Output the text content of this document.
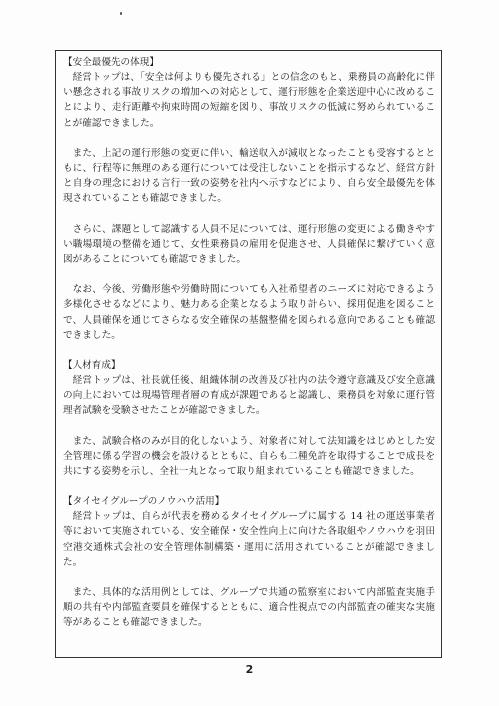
【安全最優先の体現】

経営トップは、「安全は何よりも優先される」との信念のもと、乗務員の高齢化に伴い懸念される事故リスクの増加への対応として、運行形態を企業送迎中心に改めることにより、走行距離や拘束時間の短縮を図り、事故リスクの低減に努められていることが確認できました。

また、上記の運行形態の変更に伴い、輸送収入が減収となったことも受容するとともに、行程等に無理のある運行については受注しないことを指示するなど、経営方針と自身の理念における言行一致の姿勢を社内へ示すなどにより、自ら安全最優先を体現されていることも確認できました。

さらに、課題として認識する人員不足については、運行形態の変更による働きやすい職場環境の整備を通じて、女性乗務員の雇用を促進させ、人員確保に繋げていく意図があることについても確認できました。

なお、今後、労働形態や労働時間についても入社希望者のニーズに対応できるよう多様化させるなどにより、魅力ある企業となるよう取り計らい、採用促進を図ることで、人員確保を通じてさらなる安全確保の基盤整備を図られる意向であることも確認できました。

【人材育成】

経営トップは、社長就任後、組織体制の改善及び社内の法令遵守意識及び安全意識の向上においては現場管理者層の育成が課題であると認識し、乗務員を対象に運行管理者試験を受験させたことが確認できました。

また、試験合格のみが目的化しないよう、対象者に対して法知識をはじめとした安全管理に係る学習の機会を設けるとともに、自らも二種免許を取得することで成長を共にする姿勢を示し、全社一丸となって取り組まれていることも確認できました。

【タイセイグループのノウハウ活用】

経営トップは、自らが代表を務めるタイセイグループに属する 14 社の運送事業者等において実施されている、安全確保・安全性向上に向けた各取組やノウハウを羽田空港交通株式会社の安全管理体制構築・運用に活用されていることが確認できました。

また、具体的な活用例としては、グループで共通の監察室において内部監査実施手順の共有や内部監査要員を確保するとともに、適合性視点での内部監査の確実な実施等があることも確認できました。

2
